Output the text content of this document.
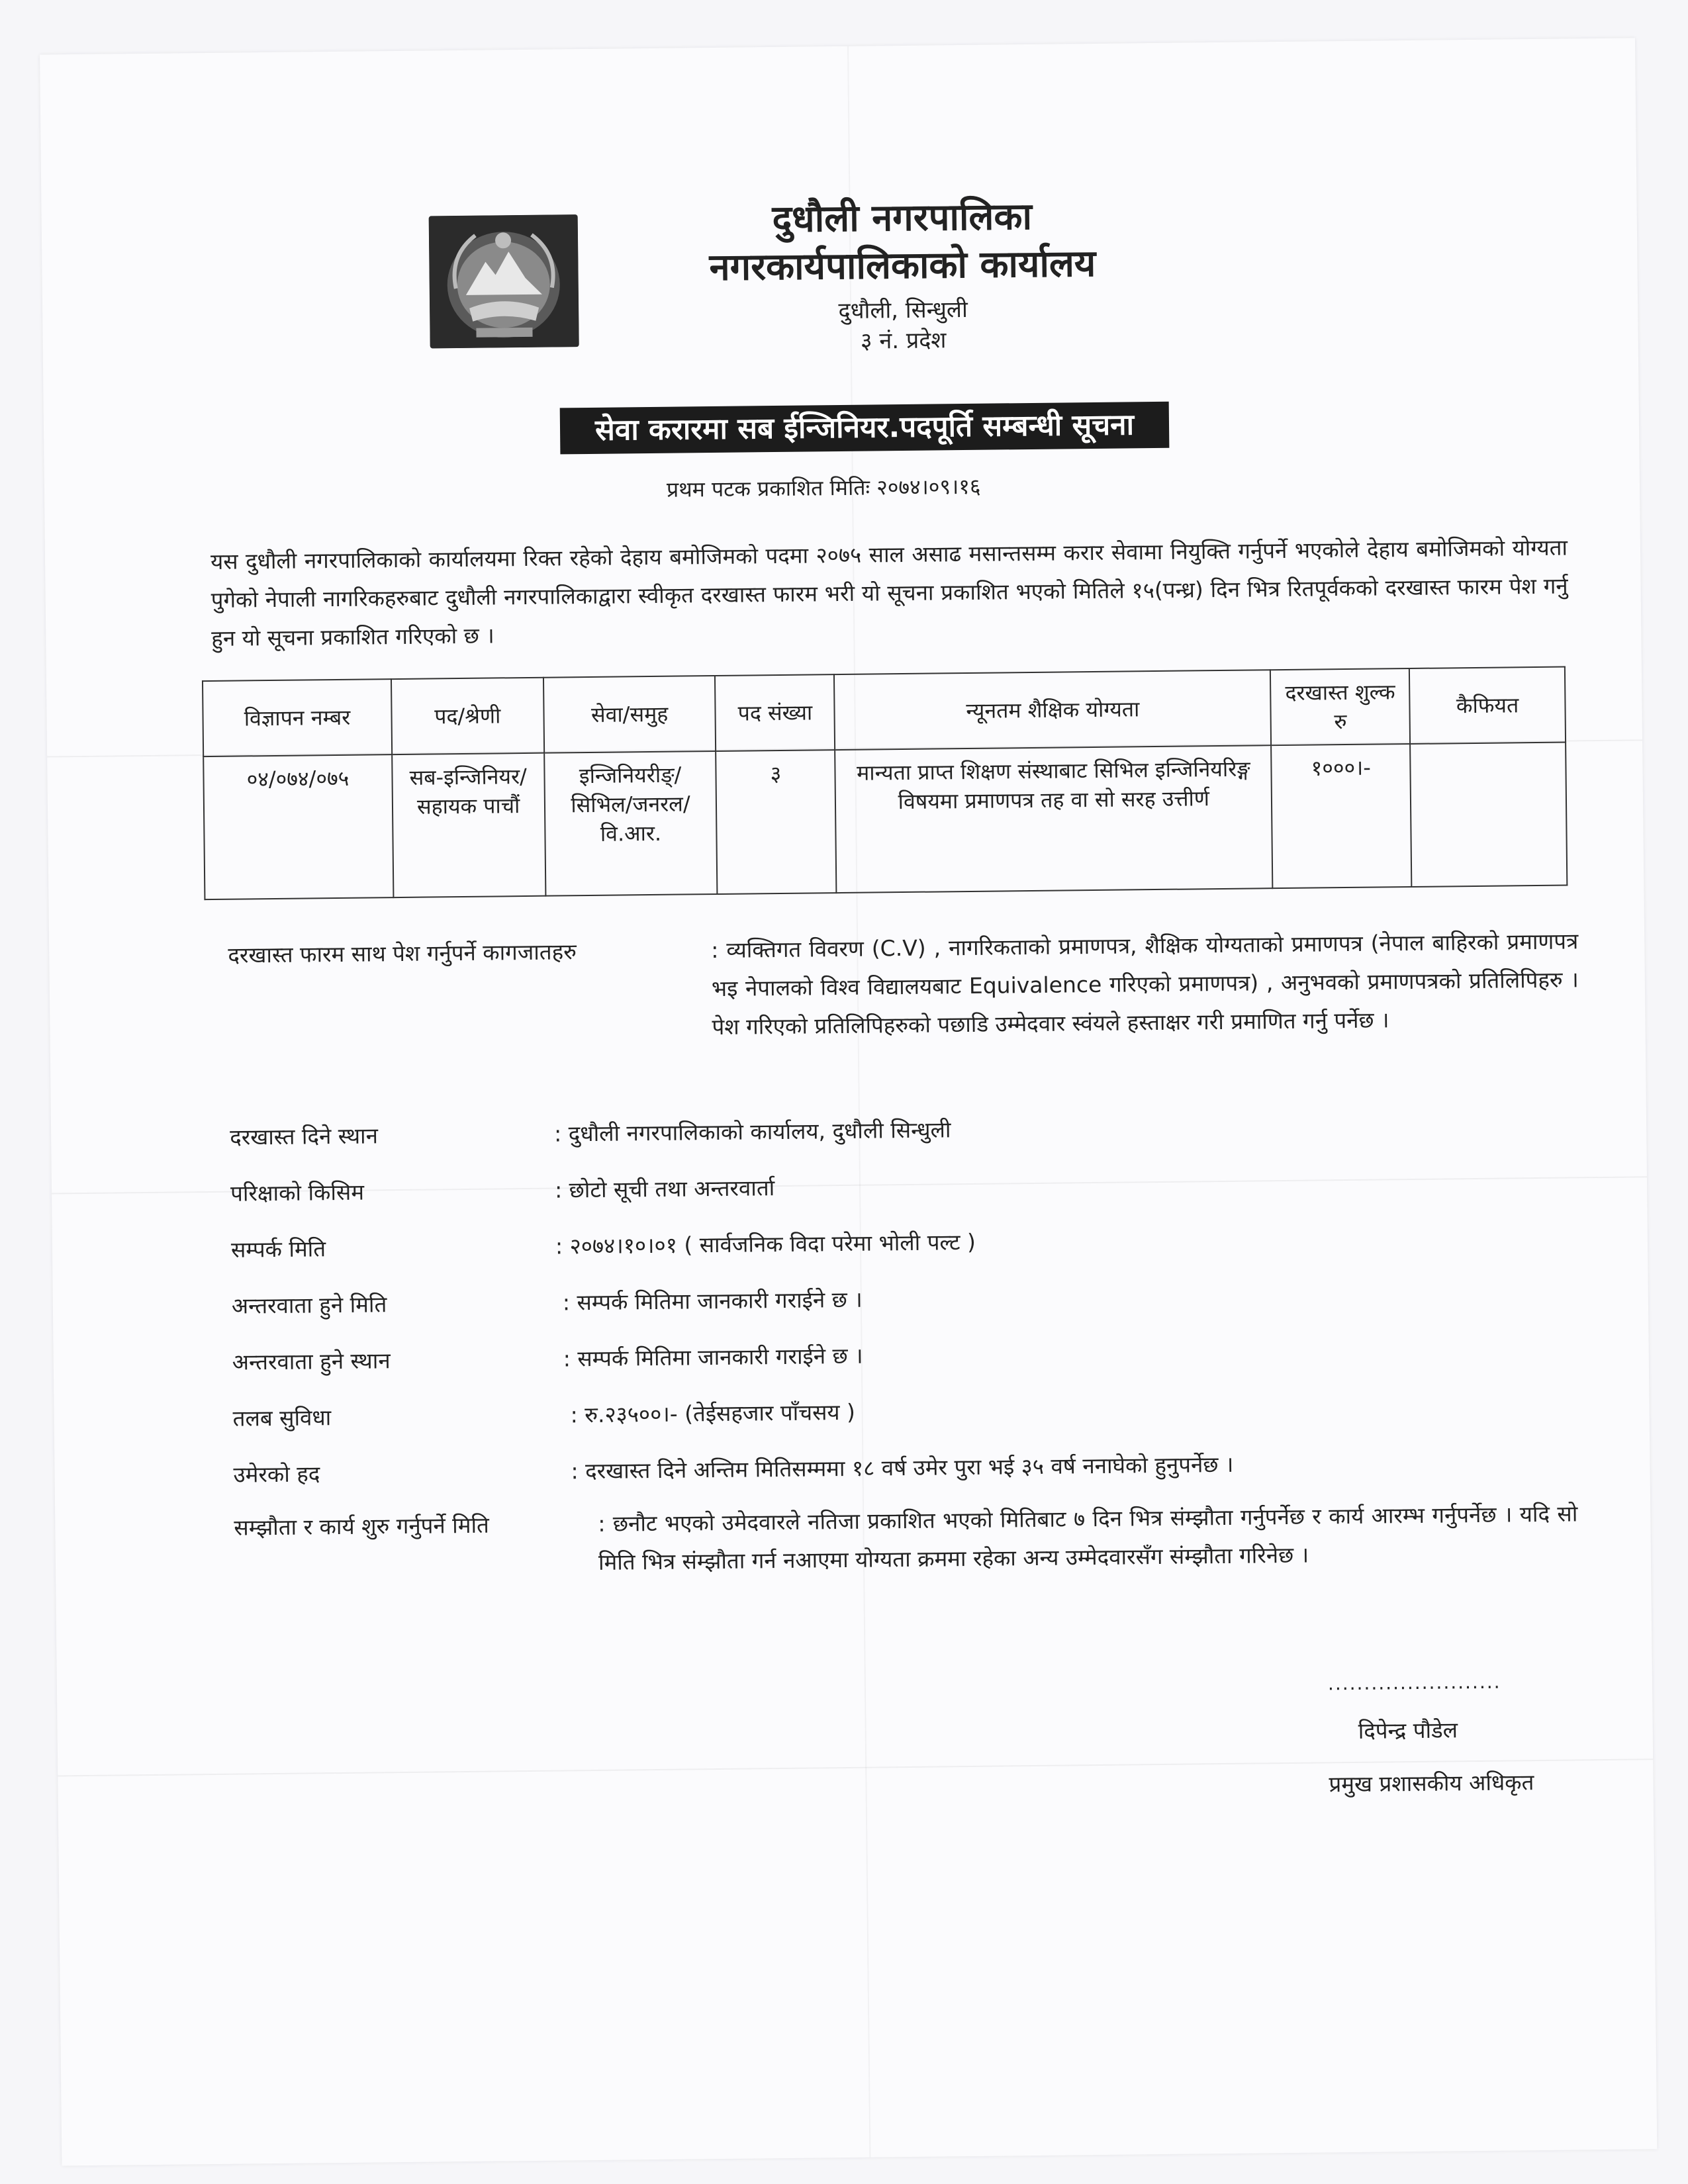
दुधौली नगरपालिका
नगरकार्यपालिकाको कार्यालय
दुधौली, सिन्धुली
३ नं. प्रदेश
सेवा करारमा सब ईन्जिनियर.पदपूर्ति सम्बन्धी सूचना
प्रथम पटक प्रकाशित मितिः २०७४।०९।१६
यस दुधौली नगरपालिकाको कार्यालयमा रिक्त रहेको देहाय बमोजिमको पदमा २०७५ साल असाढ मसान्तसम्म करार सेवामा नियुक्ति गर्नुपर्ने भएकोले देहाय बमोजिमको योग्यता पुगेको नेपाली नागरिकहरुबाट दुधौली नगरपालिकाद्वारा स्वीकृत दरखास्त फारम भरी यो सूचना प्रकाशित भएको मितिले १५(पन्ध्र) दिन भित्र रितपूर्वकको दरखास्त फारम पेश गर्नु हुन यो सूचना प्रकाशित गरिएको छ ।
विज्ञापन नम्बर	पद/श्रेणी	सेवा/समुह	पद संख्या	न्यूनतम शैक्षिक योग्यता	दरखास्त शुल्क रु	कैफियत
०४/०७४/०७५	सब-इन्जिनियर/सहायक पाचौं	इन्जिनियरीङ्/सिभिल/जनरल/वि.आर.	३	मान्यता प्राप्त शिक्षण संस्थाबाट सिभिल इन्जिनियरिङ्ग विषयमा प्रमाणपत्र तह वा सो सरह उत्तीर्ण	१०००।-	
दरखास्त फारम साथ पेश गर्नुपर्ने कागजातहरु	: व्यक्तिगत विवरण (C.V) , नागरिकताको प्रमाणपत्र, शैक्षिक योग्यताको प्रमाणपत्र (नेपाल बाहिरको प्रमाणपत्र भइ नेपालको विश्व विद्यालयबाट Equivalence गरिएको प्रमाणपत्र) , अनुभवको प्रमाणपत्रको प्रतिलिपिहरु । पेश गरिएको प्रतिलिपिहरुको पछाडि उम्मेदवार स्वंयले हस्ताक्षर गरी प्रमाणित गर्नु पर्नेछ ।
दरखास्त दिने स्थान	: दुधौली नगरपालिकाको कार्यालय, दुधौली सिन्धुली
परिक्षाको किसिम	: छोटो सूची तथा अन्तरवार्ता
सम्पर्क मिति	: २०७४।१०।०१ ( सार्वजनिक विदा परेमा भोली पल्ट )
अन्तरवाता हुने मिति	: सम्पर्क मितिमा जानकारी गराईने छ ।
अन्तरवाता हुने स्थान	: सम्पर्क मितिमा जानकारी गराईने छ ।
तलब सुविधा	: रु.२३५००।- (तेईसहजार पाँचसय )
उमेरको हद	: दरखास्त दिने अन्तिम मितिसम्ममा १८ वर्ष उमेर पुरा भई ३५ वर्ष ननाघेको हुनुपर्नेछ ।
सम्झौता र कार्य शुरु गर्नुपर्ने मिति	: छनौट भएको उमेदवारले नतिजा प्रकाशित भएको मितिबाट ७ दिन भित्र संम्झौता गर्नुपर्नेछ र कार्य आरम्भ गर्नुपर्नेछ । यदि सो मिति भित्र संम्झौता गर्न नआएमा योग्यता क्रममा रहेका अन्य उम्मेदवारसँग संम्झौता गरिनेछ ।
........................
दिपेन्द्र पौडेल
प्रमुख प्रशासकीय अधिकृत
